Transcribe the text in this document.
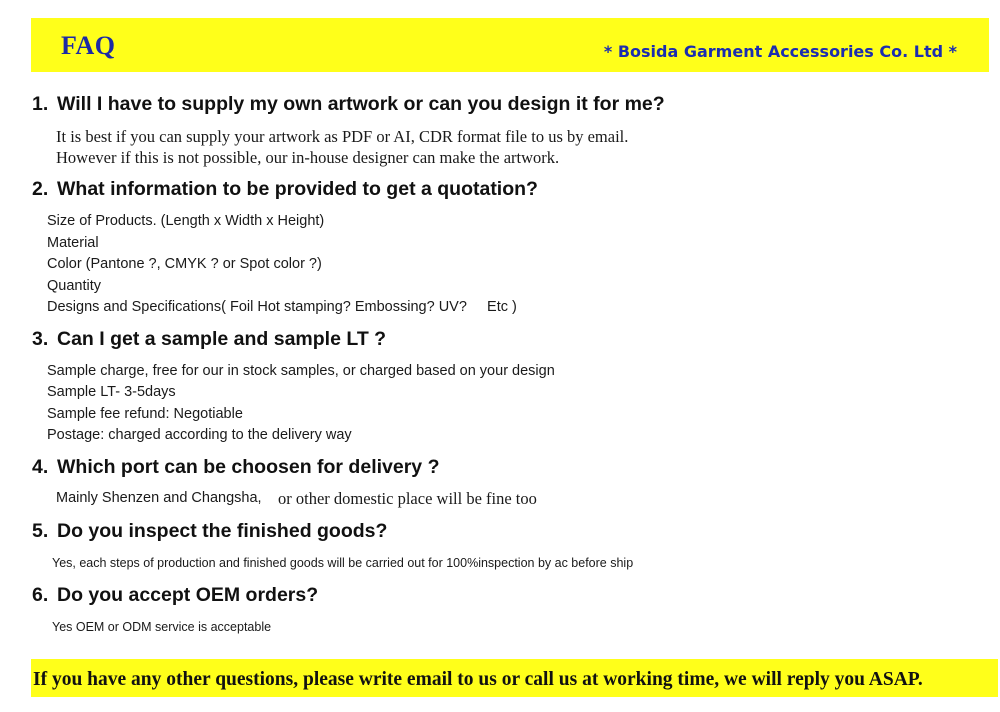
FAQ	* Bosida Garment Accessories Co. Ltd *
1. Will I have to supply my own artwork or can you design it for me?
It is best if you can supply your artwork as PDF or AI, CDR format file to us by email.
However if this is not possible, our in-house designer can make the artwork.
2. What information to be provided to get a quotation?
Size of Products. (Length x Width x Height)
Material
Color (Pantone ?, CMYK ? or Spot color ?)
Quantity
Designs and Specifications( Foil Hot stamping? Embossing? UV?     Etc )
3. Can I get a sample and sample LT ?
Sample charge, free for our in stock samples, or charged based on your design
Sample LT- 3-5days
Sample fee refund: Negotiable
Postage: charged according to the delivery way
4. Which port can be choosen for delivery ?
Mainly Shenzen and Changsha, or other domestic place will be fine too
5. Do you inspect the finished goods?
Yes, each steps of production and finished goods will be carried out for 100%inspection by ac before ship
6. Do you accept OEM orders?
Yes OEM or ODM service is acceptable
If you have any other questions, please write email to us or call us at working time, we will reply you ASAP.
